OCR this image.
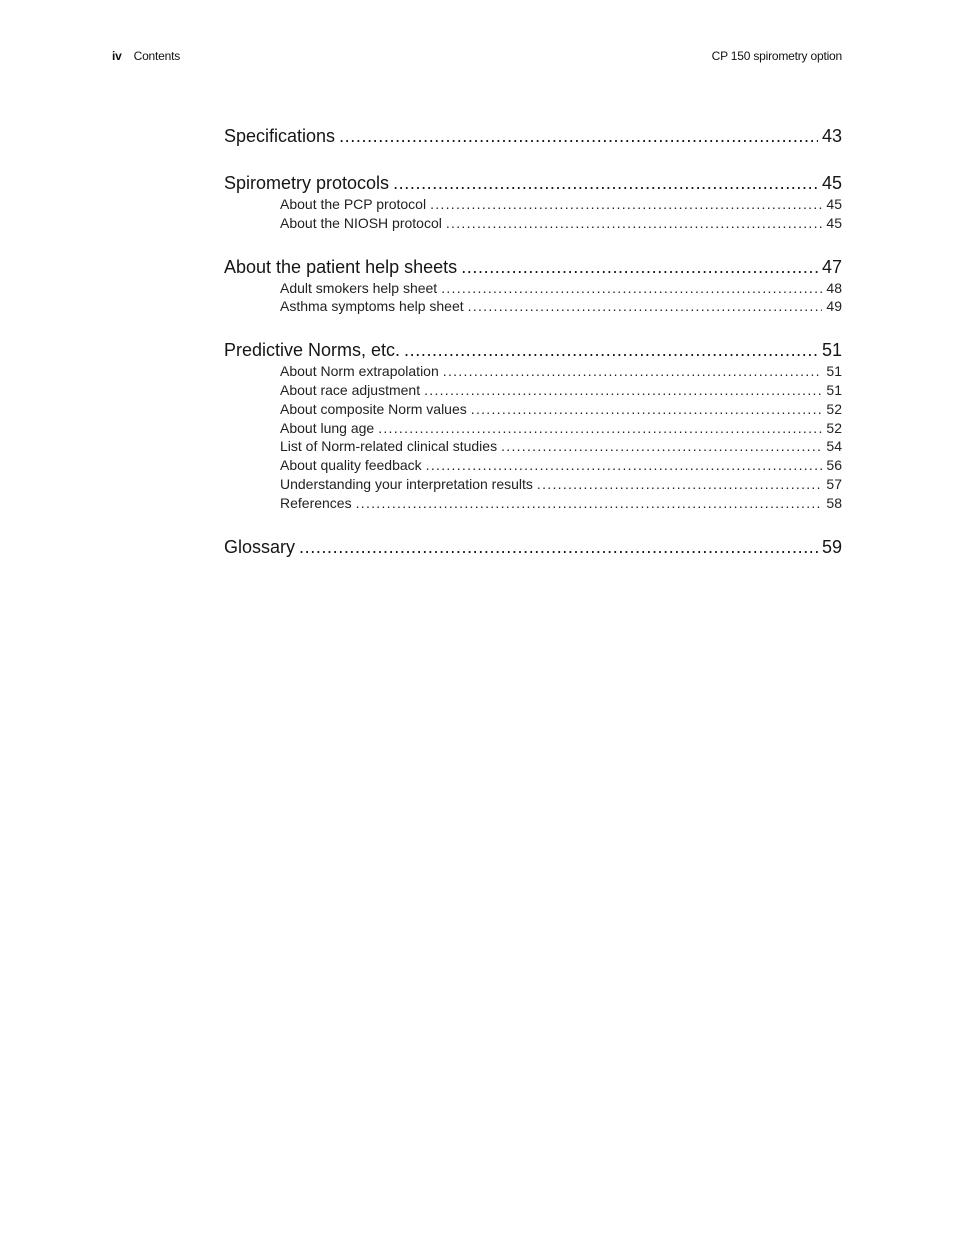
iv Contents	CP 150 spirometry option
Specifications . . .	43
Spirometry protocols . . .	45
About the PCP protocol . . .	45
About the NIOSH protocol . . .	45
About the patient help sheets . . .	47
Adult smokers help sheet . . .	48
Asthma symptoms help sheet . . .	49
Predictive Norms, etc. . . .	51
About Norm extrapolation . . .	51
About race adjustment . . .	51
About composite Norm values . . .	52
About lung age . . .	52
List of Norm-related clinical studies . . .	54
About quality feedback . . .	56
Understanding your interpretation results . . .	57
References . . .	58
Glossary . . .	59
